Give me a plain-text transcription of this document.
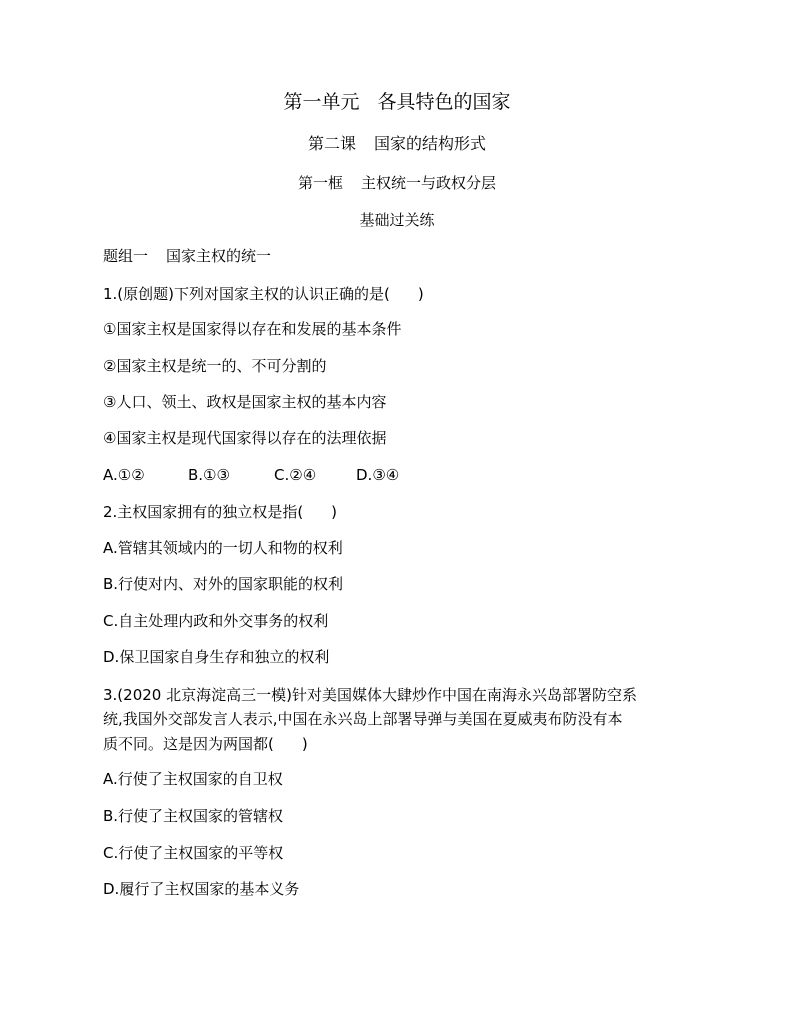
第一单元 各具特色的国家
第二课 国家的结构形式
第一框 主权统一与政权分层
基础过关练
题组一 国家主权的统一
1.(原创题)下列对国家主权的认识正确的是( )
①国家主权是国家得以存在和发展的基本条件
②国家主权是统一的、不可分割的
③人口、领土、政权是国家主权的基本内容
④国家主权是现代国家得以存在的法理依据
A.①②	B.①③	C.②④	D.③④
2.主权国家拥有的独立权是指( )
A.管辖其领域内的一切人和物的权利
B.行使对内、对外的国家职能的权利
C.自主处理内政和外交事务的权利
D.保卫国家自身生存和独立的权利
3.(2020 北京海淀高三一模)针对美国媒体大肆炒作中国在南海永兴岛部署防空系
统,我国外交部发言人表示,中国在永兴岛上部署导弹与美国在夏威夷布防没有本
质不同。这是因为两国都( )
A.行使了主权国家的自卫权
B.行使了主权国家的管辖权
C.行使了主权国家的平等权
D.履行了主权国家的基本义务
